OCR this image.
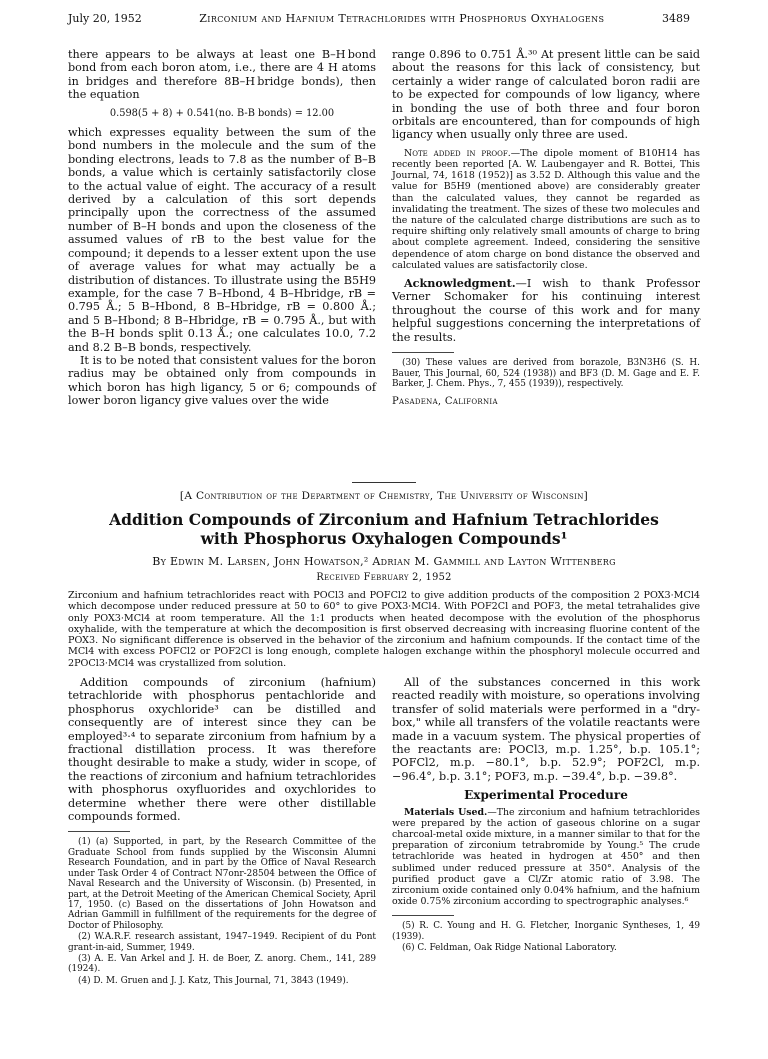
July 20, 1952	Zirconium and Hafnium Tetrachlorides with Phosphorus Oxyhalogens	3489

there appears to be always at least one B–H bond bond from each boron atom, i.e., there are 4 H atoms in bridges and therefore 8B–H bridge bonds), then the equation

0.598(5 + 8) + 0.541(no. B-B bonds) = 12.00

which expresses equality between the sum of the bond numbers in the molecule and the sum of the bonding electrons, leads to 7.8 as the number of B–B bonds, a value which is certainly satisfactorily close to the actual value of eight. The accuracy of a result derived by a calculation of this sort depends principally upon the correctness of the assumed number of B–H bonds and upon the closeness of the assumed values of rB to the best value for the compound; it depends to a lesser extent upon the use of average values for what may actually be a distribution of distances. To illustrate using the B5H9 example, for the case 7 B–Hbond, 4 B–Hbridge, rB = 0.795 Å.; 5 B–Hbond, 8 B–Hbridge, rB = 0.800 Å.; and 5 B–Hbond; 8 B–Hbridge, rB = 0.795 Å., but with the B–H bonds split 0.13 Å.; one calculates 10.0, 7.2 and 8.2 B–B bonds, respectively.

It is to be noted that consistent values for the boron radius may be obtained only from compounds in which boron has high ligancy, 5 or 6; compounds of lower boron ligancy give values over the wide

range 0.896 to 0.751 Å.³⁰ At present little can be said about the reasons for this lack of consistency, but certainly a wider range of calculated boron radii are to be expected for compounds of low ligancy, where in bonding the use of both three and four boron orbitals are encountered, than for compounds of high ligancy when usually only three are used.

Note added in proof.—The dipole moment of B10H14 has recently been reported [A. W. Laubengayer and R. Bottei, This Journal, 74, 1618 (1952)] as 3.52 D. Although this value and the value for B5H9 (mentioned above) are considerably greater than the calculated values, they cannot be regarded as invalidating the treatment. The sizes of these two molecules and the nature of the calculated charge distributions are such as to require shifting only relatively small amounts of charge to bring about complete agreement. Indeed, considering the sensitive dependence of atom charge on bond distance the observed and calculated values are satisfactorily close.

Acknowledgment.—I wish to thank Professor Verner Schomaker for his continuing interest throughout the course of this work and for many helpful suggestions concerning the interpretations of the results.

(30) These values are derived from borazole, B3N3H6 (S. H. Bauer, This Journal, 60, 524 (1938)) and BF3 (D. M. Gage and E. F. Barker, J. Chem. Phys., 7, 455 (1939)), respectively.

Pasadena, California
[A Contribution of the Department of Chemistry, The University of Wisconsin]
Addition Compounds of Zirconium and Hafnium Tetrachlorides
with Phosphorus Oxyhalogen Compounds¹
By Edwin M. Larsen, John Howatson,² Adrian M. Gammill and Layton Wittenberg
Received February 2, 1952

Zirconium and hafnium tetrachlorides react with POCl3 and POFCl2 to give addition products of the composition 2 POX3·MCl4 which decompose under reduced pressure at 50 to 60° to give POX3·MCl4. With POF2Cl and POF3, the metal tetrahalides give only POX3·MCl4 at room temperature. All the 1:1 products when heated decompose with the evolution of the phosphorus oxyhalide, with the temperature at which the decomposition is first observed decreasing with increasing fluorine content of the POX3. No significant difference is observed in the behavior of the zirconium and hafnium compounds. If the contact time of the MCl4 with excess POFCl2 or POF2Cl is long enough, complete halogen exchange within the phosphoryl molecule occurred and 2POCl3·MCl4 was crystallized from solution.

Addition compounds of zirconium (hafnium) tetrachloride with phosphorus pentachloride and phosphorus oxychloride³ can be distilled and consequently are of interest since they can be employed³·⁴ to separate zirconium from hafnium by a fractional distillation process. It was therefore thought desirable to make a study, wider in scope, of the reactions of zirconium and hafnium tetrachlorides with phosphorus oxyfluorides and oxychlorides to determine whether there were other distillable compounds formed.

(1) (a) Supported, in part, by the Research Committee of the Graduate School from funds supplied by the Wisconsin Alumni Research Foundation, and in part by the Office of Naval Research under Task Order 4 of Contract N7onr-28504 between the Office of Naval Research and the University of Wisconsin. (b) Presented, in part, at the Detroit Meeting of the American Chemical Society, April 17, 1950. (c) Based on the dissertations of John Howatson and Adrian Gammill in fulfillment of the requirements for the degree of Doctor of Philosophy.

(2) W.A.R.F. research assistant, 1947–1949. Recipient of du Pont grant-in-aid, Summer, 1949.

(3) A. E. Van Arkel and J. H. de Boer, Z. anorg. Chem., 141, 289 (1924).

(4) D. M. Gruen and J. J. Katz, This Journal, 71, 3843 (1949).

All of the substances concerned in this work reacted readily with moisture, so operations involving transfer of solid materials were performed in a "dry-box," while all transfers of the volatile reactants were made in a vacuum system. The physical properties of the reactants are: POCl3, m.p. 1.25°, b.p. 105.1°; POFCl2, m.p. −80.1°, b.p. 52.9°; POF2Cl, m.p. −96.4°, b.p. 3.1°; POF3, m.p. −39.4°, b.p. −39.8°.

Experimental Procedure

Materials Used.—The zirconium and hafnium tetrachlorides were prepared by the action of gaseous chlorine on a sugar charcoal-metal oxide mixture, in a manner similar to that for the preparation of zirconium tetrabromide by Young.⁵ The crude tetrachloride was heated in hydrogen at 450° and then sublimed under reduced pressure at 350°. Analysis of the purified product gave a Cl/Zr atomic ratio of 3.98. The zirconium oxide contained only 0.04% hafnium, and the hafnium oxide 0.75% zirconium according to spectrographic analyses.⁶

(5) R. C. Young and H. G. Fletcher, Inorganic Syntheses, 1, 49 (1939).

(6) C. Feldman, Oak Ridge National Laboratory.
